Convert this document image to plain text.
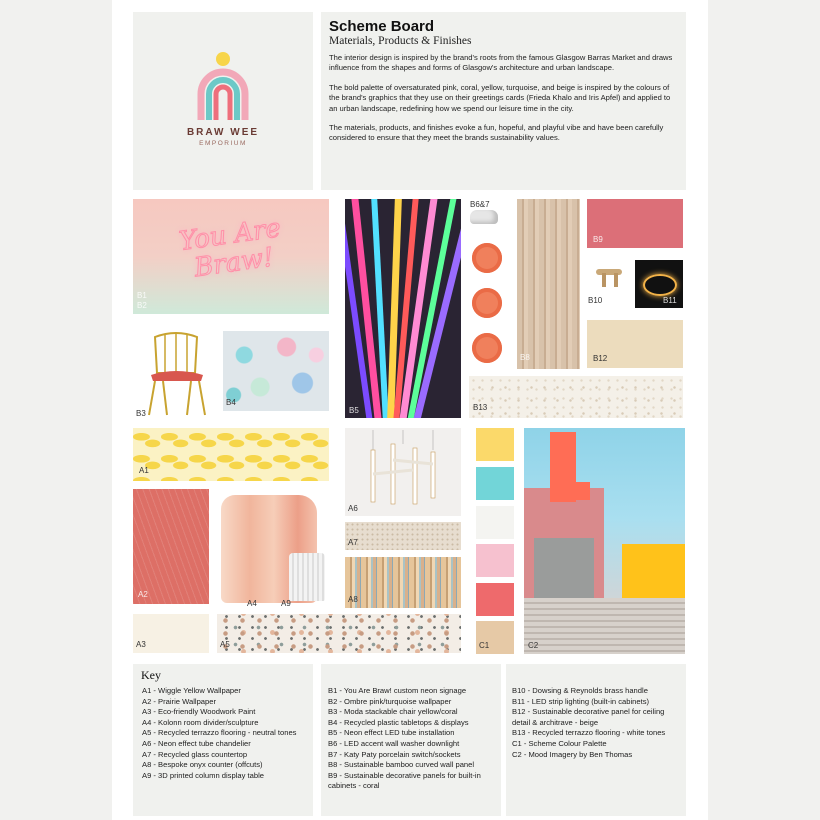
BRAW WEE
EMPORIUM
Scheme Board
Materials, Products & Finishes

The interior design is inspired by the brand's roots from the famous Glasgow Barras Market and draws influence from the shapes and forms of Glasgow's architecture and urban landscape.

The bold palette of oversaturated pink, coral, yellow, turquoise, and beige is inspired by the colours of the brand's graphics that they use on their greetings cards (Frieda Khalo and Iris Apfel) and applied to an urban landscape, redefining how we spend our leisure time in the city.

The materials, products, and finishes evoke a fun, hopeful, and playful vibe and have been carefully considered to ensure that they meet the brands sustainability values.

You Are Braw!
B1
B2
B5
B6&7
B8
B9
B10	B11
B12
B13
B3
B4
A1
A6
A7
A8
A2
A4	A9
A3	A5	C1	C2
Key
A1 - Wiggle Yellow Wallpaper
A2 - Prairie Wallpaper
A3 - Eco-friendly Woodwork Paint
A4 - Kolonn room divider/sculpture
A5 - Recycled terrazzo flooring - neutral tones
A6 - Neon effect tube chandelier
A7 - Recycled glass countertop
A8 - Bespoke onyx counter (offcuts)
A9 - 3D printed column display table
B1 - You Are Braw! custom neon signage
B2 - Ombre pink/turquoise wallpaper
B3 - Moda stackable chair yellow/coral
B4 - Recycled plastic tabletops & displays
B5 - Neon effect LED tube installation
B6 - LED accent wall washer downlight
B7 - Katy Paty porcelain switch/sockets
B8 - Sustainable bamboo curved wall panel
B9 - Sustainable decorative panels for built-in cabinets - coral
B10 - Dowsing & Reynolds brass handle
B11 - LED strip lighting (built-in cabinets)
B12 - Sustainable decorative panel for ceiling detail & architrave - beige
B13 - Recycled terrazzo flooring - white tones
C1 - Scheme Colour Palette
C2 - Mood Imagery by Ben Thomas
